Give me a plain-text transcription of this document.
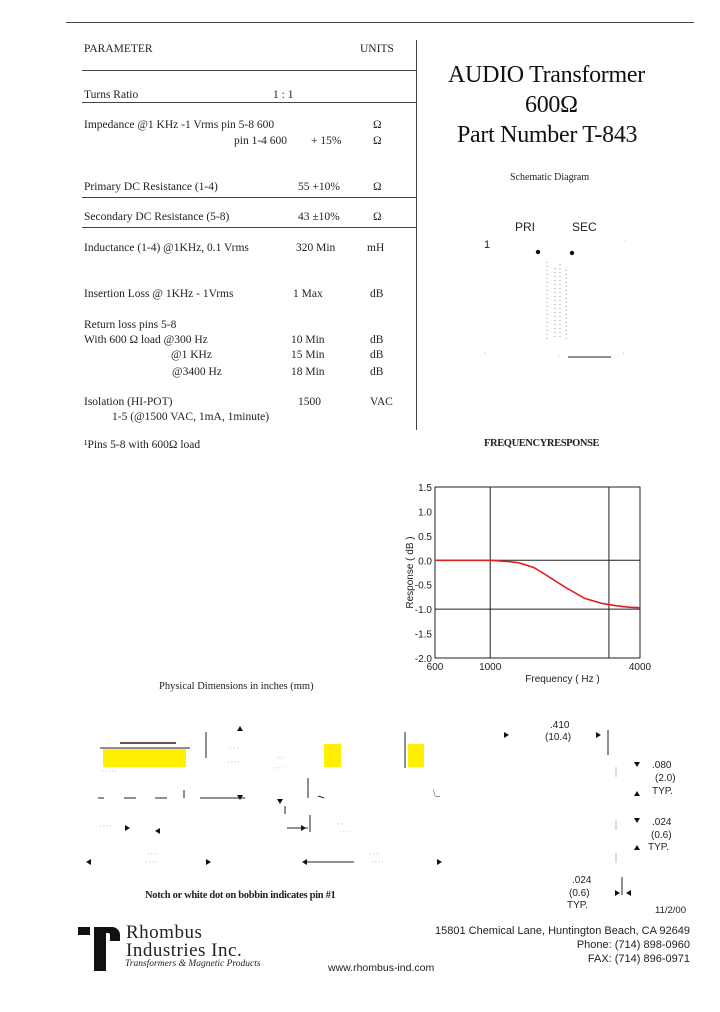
PARAMETER	UNITS
Turns Ratio	1 : 1
Impedance @1 KHz -1 Vrms pin 5-8 600	Ω
pin 1-4 600 + 15%	Ω
Primary DC Resistance (1-4)	55 +10%	Ω
Secondary DC Resistance (5-8)	43 ±10%	Ω
Inductance (1-4) @1KHz, 0.1 Vrms	320 Min	mH
Insertion Loss @ 1KHz - 1Vrms	1 Max	dB
Return loss pins 5-8
With 600 Ω load @300 Hz	10 Min	dB
@1 KHz	15 Min	dB
@3400 Hz	18 Min	dB
Isolation (HI-POT)	1500	VAC
1-5 (@1500 VAC, 1mA, 1minute)
¹Pins 5-8 with 600Ω load
AUDIO Transformer
600Ω
Part Number T-843
Schematic Diagram
PRI	SEC
1
'	'	'
'
FREQUENCYRESPONSE
1.5
1.0
0.5
0.0
-0.5
-1.0
-1.5
-2.0
600	1000	4000
Frequency ( Hz )
Response ( dB )
Physical Dimensions in inches (mm)
\_
' ' ' ' '
' ' '
' ' ' '
' '
' ' '
' ' ' '	' '
' ' '
' ' '
' ' ' '
' ' '
' ' ' '
.410
(10.4)
.080
(2.0)
TYP.
.024
(0.6)
TYP.
.024
(0.6)
TYP.
Notch or white dot on bobbin indicates pin #1
11/2/00
Rhombus
Industries Inc.
Transformers & Magnetic Products
15801 Chemical Lane, Huntington Beach, CA 92649
Phone: (714) 898-0960
FAX: (714) 896-0971
www.rhombus-ind.com
